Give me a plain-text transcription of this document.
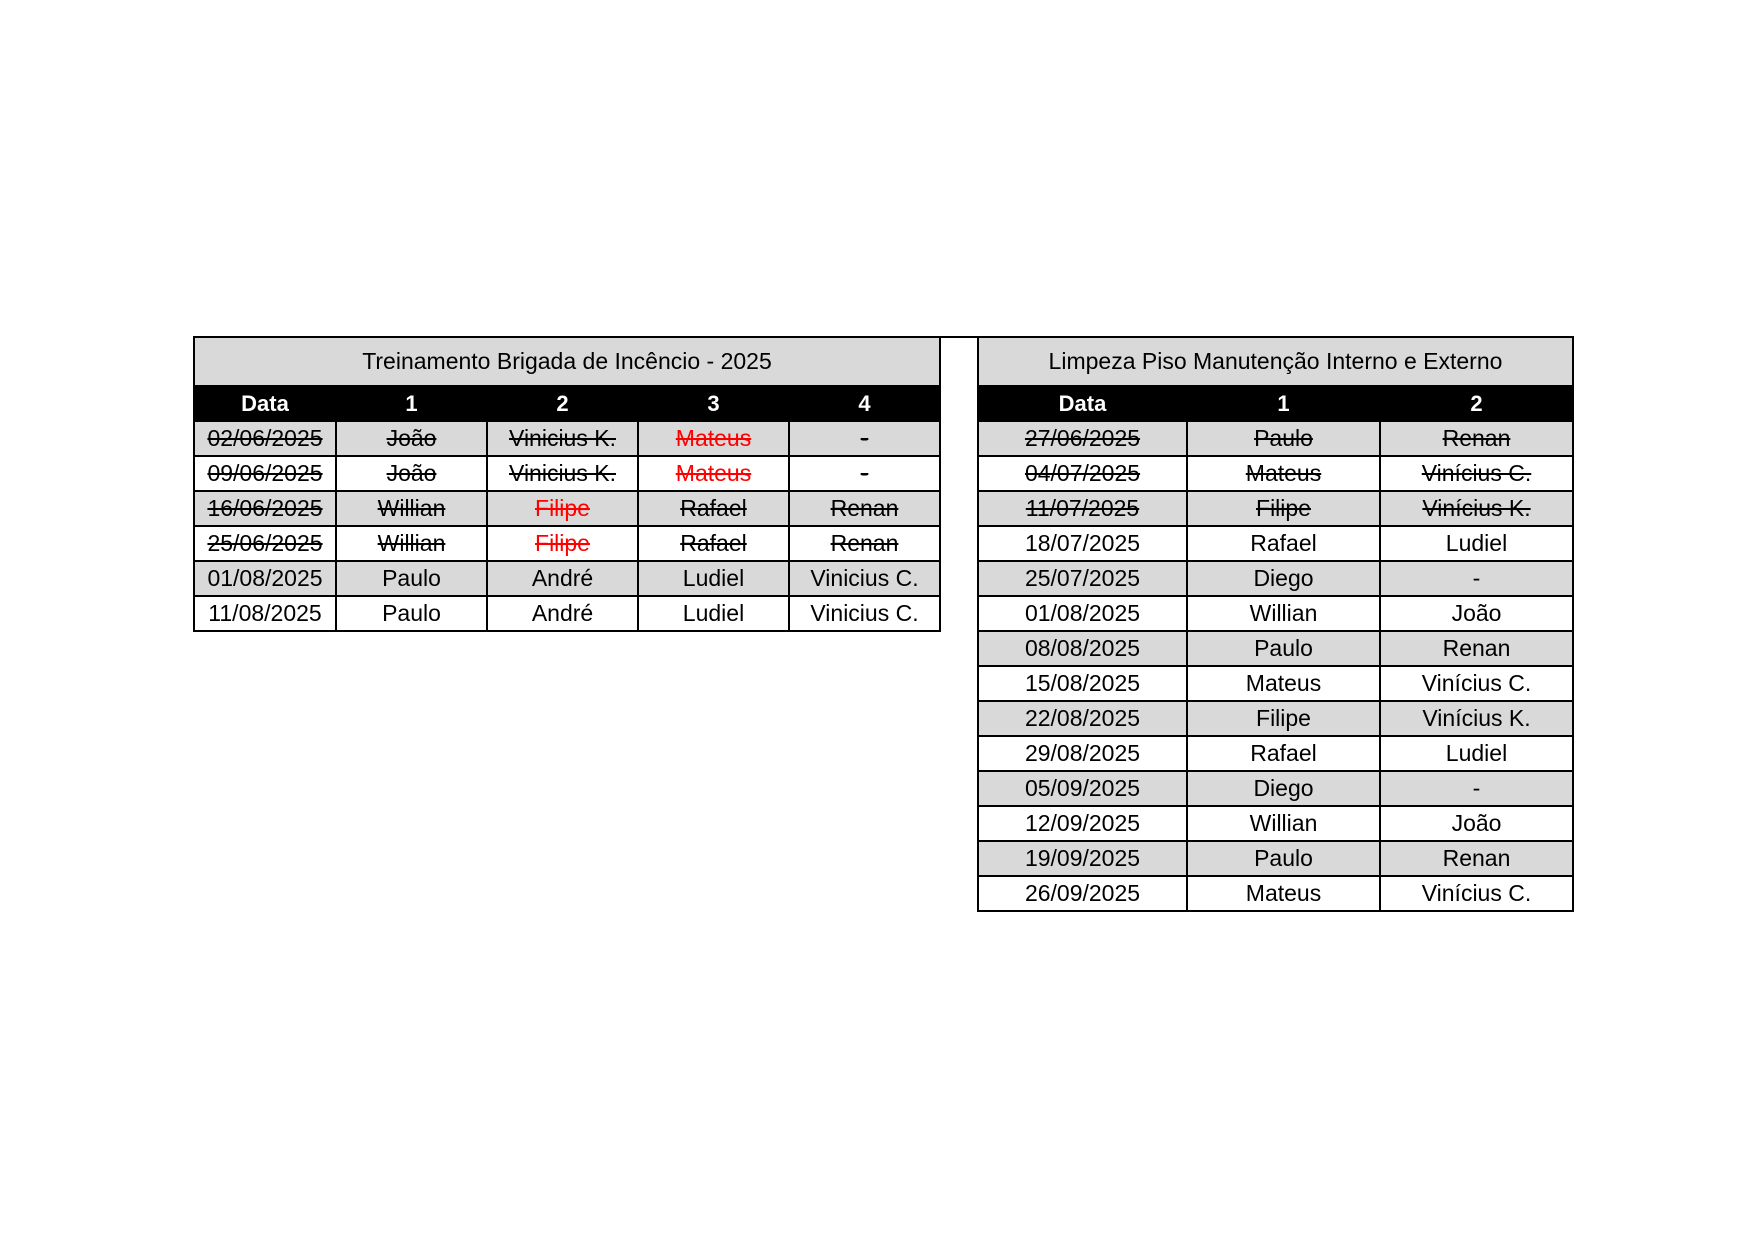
Treinamento Brigada de Incêncio - 2025				
Data	1	2	3	4
02/06/2025	João	Vinicius K.	Mateus	-
09/06/2025	João	Vinicius K.	Mateus	-
16/06/2025	Willian	Filipe	Rafael	Renan
25/06/2025	Willian	Filipe	Rafael	Renan
01/08/2025	Paulo	André	Ludiel	Vinicius C.
11/08/2025	Paulo	André	Ludiel	Vinicius C.
Limpeza Piso Manutenção Interno e Externo		
Data	1	2
27/06/2025	Paulo	Renan
04/07/2025	Mateus	Vinícius C.
11/07/2025	Filipe	Vinícius K.
18/07/2025	Rafael	Ludiel
25/07/2025	Diego	-
01/08/2025	Willian	João
08/08/2025	Paulo	Renan
15/08/2025	Mateus	Vinícius C.
22/08/2025	Filipe	Vinícius K.
29/08/2025	Rafael	Ludiel
05/09/2025	Diego	-
12/09/2025	Willian	João
19/09/2025	Paulo	Renan
26/09/2025	Mateus	Vinícius C.
